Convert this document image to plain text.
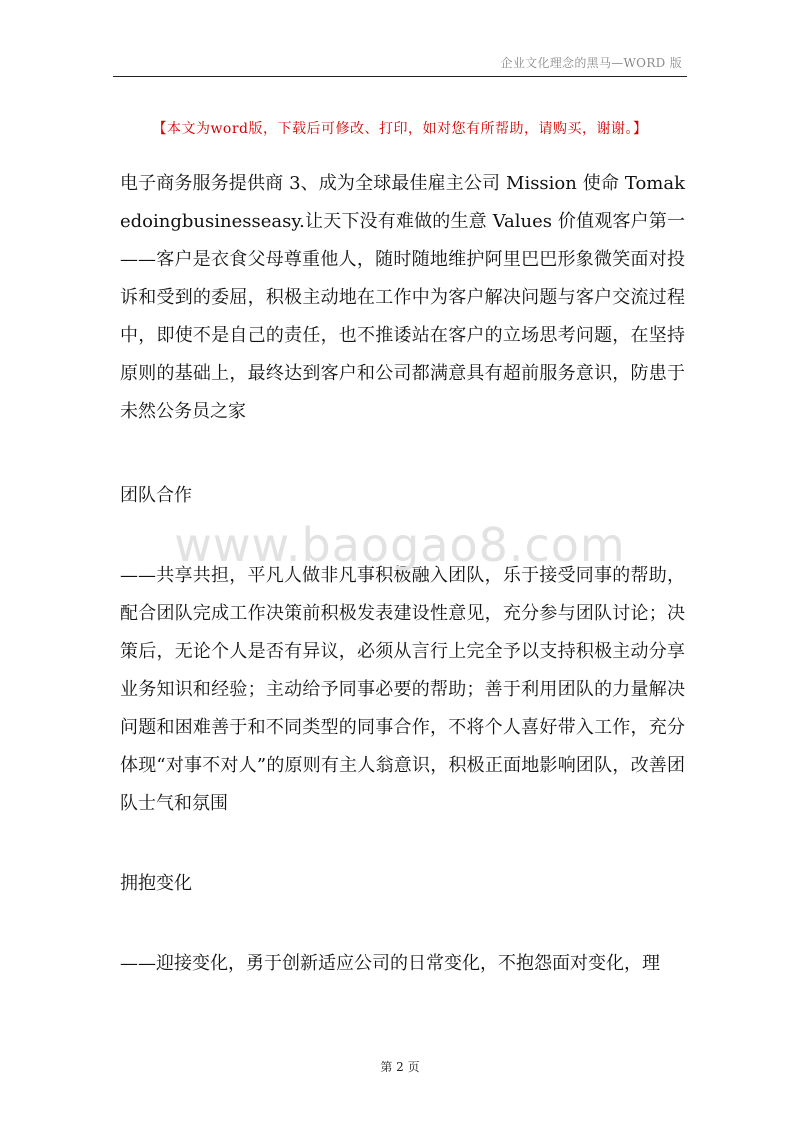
企业文化理念的黑马—WORD 版
【本文为word版，下载后可修改、打印，如对您有所帮助，请购买，谢谢。】

电子商务服务提供商 3、成为全球最佳雇主公司 Mission 使命 Tomakedoingbusinesseasy.让天下没有难做的生意 Values 价值观客户第一——客户是衣食父母尊重他人，随时随地维护阿里巴巴形象微笑面对投诉和受到的委屈，积极主动地在工作中为客户解决问题与客户交流过程中，即使不是自己的责任，也不推诿站在客户的立场思考问题，在坚持原则的基础上，最终达到客户和公司都满意具有超前服务意识，防患于未然公务员之家

团队合作

——共享共担，平凡人做非凡事积极融入团队，乐于接受同事的帮助，配合团队完成工作决策前积极发表建设性意见，充分参与团队讨论；决策后，无论个人是否有异议，必须从言行上完全予以支持积极主动分享业务知识和经验；主动给予同事必要的帮助；善于利用团队的力量解决问题和困难善于和不同类型的同事合作，不将个人喜好带入工作，充分体现“对事不对人”的原则有主人翁意识，积极正面地影响团队，改善团队士气和氛围

拥抱变化

——迎接变化，勇于创新适应公司的日常变化，不抱怨面对变化，理

www.baogao8.com
第 2 页
